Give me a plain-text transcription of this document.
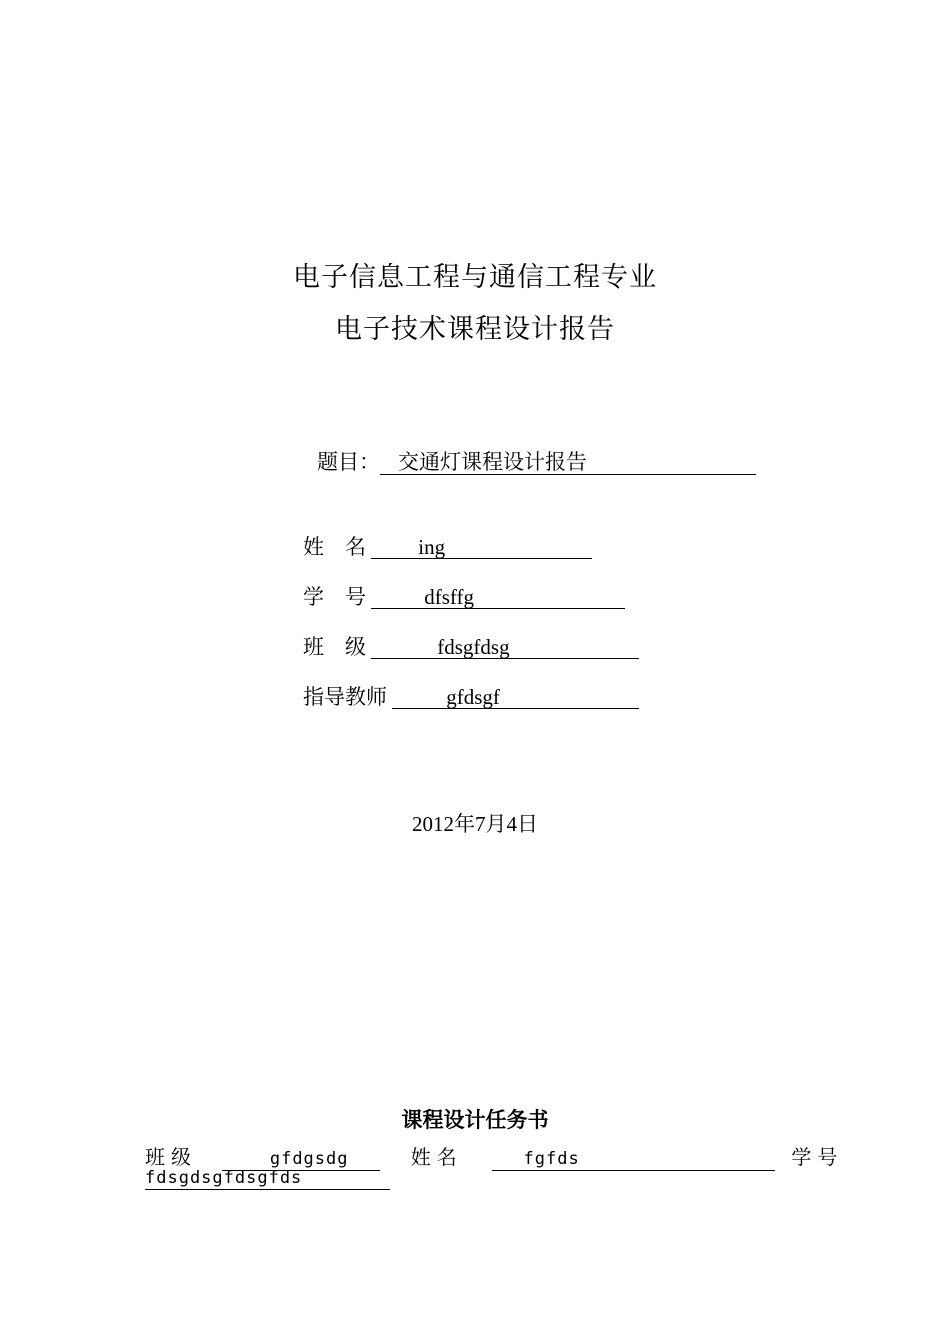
电子信息工程与通信工程专业
电子技术课程设计报告
题目： 交通灯课程设计报告
姓　名 ing
学　号	dfsffg
班　级	fdsgfdsg
指导教师	gfdsgf
2012年7月4日
课程设计任务书
班级	gfdgsdg	姓名	fgfds	学号
fdsgdsgfdsgfds
